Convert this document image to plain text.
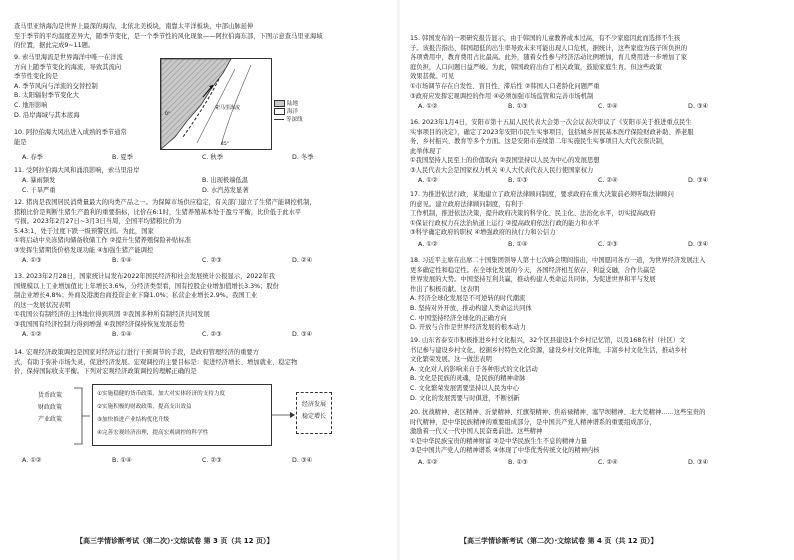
查马里亚纳海沟是世界上最深的海沟，北依北美板块，南靠太平洋板块，中部山脉延伸
至于季节的平均温度差异大，随季节变化，是一个季节性的风化现象——阿拉伯海东部，下图示意查马里亚海域
的位置，据此完成9~11题。
9. 索马里海流是世界海洋中唯一在洋流
方向上随季节变化的海流，导致其流向
季节性变化的是
A. 季节风向与洋流的交替控制
B. 太阳辐射季节变化大
C. 地形影响
D. 沿岸海域与其本底海
索马里海流
0°
45°
陆地
海洋
等深线
10. 阿拉伯海大风出进入成熟的季节通常
能是
A. 春季	B. 夏季	C. 秋季	D. 冬季
11. 受阿拉伯海大风和涌浪影响，索马里沿岸
A. 暴雨频发	B. 出现极端低温
C. 干旱严重	D. 水汽蒸发显著
12. 猪肉是我国居民消费量最大的肉类产品之一。为保障市场供应稳定，有关部门建立了生猪产能调控机制，
猪粮比价是判断生猪生产盈利的重要指标，比价在6:1时，生猪养殖基本处于盈亏平衡，比价低于此水平
亏损。2023年2月27日~3月3日当周，全国平均猪粮比价为
5.43:1，处于过度下跌一级预警区间。为此，国家
①将启动中央冻猪肉储备收储工作 ②提升生猪养殖保险补贴标准
③发挥生猪期货价格发现功能 ④加强生猪产能调控
A. ①③	B. ①④	C. ②③	D. ②④
13. 2023年2月28日，国家统计局发布2022年国民经济和社会发展统计公报显示，2022年我
国规模以上工业增加值比上年增长3.6%，分经济类型看，国有控股企业增加值增长3.3%；股份
制企业增长4.8%；外商及港澳台商投资企业下降1.0%；私营企业增长2.9%。我国工业
的这一发展状况表明
①我国公有制经济的主体地位得到巩固 ②我国多种所有制经济共同发展
③我国国有经济控制力得到增强 ④我国经济保持恢复发展态势
A. ①②	B. ①④	C. ②③	D. ③④
14. 宏观经济政策调控是国家对经济运行进行干预调节的手段，是政府管理经济的重要方
式，有助于弥补市场失灵，促进经济发展。宏观调控的主要目标是：促进经济增长、增加就业、稳定物
价，保持国际收支平衡。下列对宏观经济政策调控的理解正确的是
货币政策
财政政策
产业政策
①实施稳健的货币政策，加大对实体经济的支持力度
②实施积极的财政政策，提高支出效益
③加快推进产业结构优化升级
④完善宏观经济治理，提高宏观调控的科学性
经济发展
稳定增长
A. ①②	B. ①④	C. ②③	D. ③④
【高三学情诊断考试（第二次）·文综试卷 第 3 页（共 12 页）】
15. 韩国发布的一项研究报告显示，由于韩国的儿童教养成本过高，有不少家庭因此而选择不生孩
子。该报告指出，韩国超低的出生率导致未来可能出现人口危机，据统计，这些家庭为孩子所负担的
各项费用中，教育费用占比最高。此外，随着女性参与经济活动比例增加，育儿费用进一步增加了家
庭负担，人口问题日益严峻。为此，韩国政府出台了相关政策，鼓励家庭生育。但这些政策
效果甚微。可见
①市场调节存在自发性、盲目性、滞后性 ②韩国人口老龄化问题严重
③政府应发挥宏观调控的作用 ④必须加强市场监管和完善市场机制
A. ①②	B. ①③	C. ②④	D. ③④
16. 2023年1月4日，安阳市第十五届人民代表大会第一次会议表决审议了《安阳市关于推进重点民生
实事项目的决定》，确定了2023年安阳市民生实事项目，包括城乡居民基本医疗保险财政补助、养老服
务、乡村振兴、教育等多个方面。这是安阳市连续第二年实施民生实事项目人大代表票决制，
此举体现了
①我国坚持人民至上的价值取向 ②我国坚持以人民为中心的发展思想
③人民代表大会是国家权力机关 ④人大代表代表人民行使国家权力
A. ①②	B. ①③	C. ②④	D. ③④
17. 为推进依法行政，某地建立了政府法律顾问制度，要求政府在重大决策前必须听取法律顾问
的意见。建立政府法律顾问制度，有利于
工作机制，推进依法决策，提升政府决策的科学化、民主化、法治化水平，切实提高政府
①保证行政权力在法治轨道上运行 ②提高政府依法行政的能力和水平
③科学确定政府的职权 ④增强政府的执行力和公信力
A. ①②	B. ①④	C. ②③	D. ③④
18. 习近平主席在出席二十国集团领导人第十七次峰会期间指出，中国愿同各方一道，为世界经济发展注入
更多确定性和稳定性。在全球化发展的今天，各国经济相互依存，利益交融，合作共赢是
世界发展的大势。中国坚持互利共赢，推动构建人类命运共同体，为促进世界和平与发展
作出了积极贡献。这表明
A. 经济全球化发展是不可逆转的时代潮流
B. 坚持对外开放，推动构建人类命运共同体
C. 中国坚持经济全球化的正确方向
D. 开放与合作是世界经济发展的根本动力
19. 山东省泰安市积极推进乡村文化振兴，32个区县建设1个乡村记忆馆，以及168名村（社区）文
书记参与建设乡村文化，挖掘乡村特色文化资源，建设乡村文化阵地，丰富乡村文化生活，推动乡村
文化繁荣发展。这一做法表明
A. 文化对人的影响来自于各种形式的文化活动
B. 文化是民族的灵魂，是民族的精神命脉
C. 文化繁荣发展需要坚持以人民为中心
D. 文化的发展需要与时俱进，不断创新
20. 抗战精神、老区精神、沂蒙精神、红旗渠精神、焦裕禄精神、塞罕坝精神、北大荒精神……这些宝贵的
时代精神，是中华民族精神的重要组成部分，是中国共产党人精神谱系的重要组成部分，
激励着一代又一代中国人民奋勇前进。这些精神
①是中华民族宝贵的精神财富 ②是中华民族生生不息的精神力量
③是中国共产党人的精神谱系 ④体现了中华优秀传统文化的精神内核
A. ①②	B. ①③	C. ②④	D. ③④
【高三学情诊断考试（第二次）·文综试卷 第 4 页（共 12 页）】
